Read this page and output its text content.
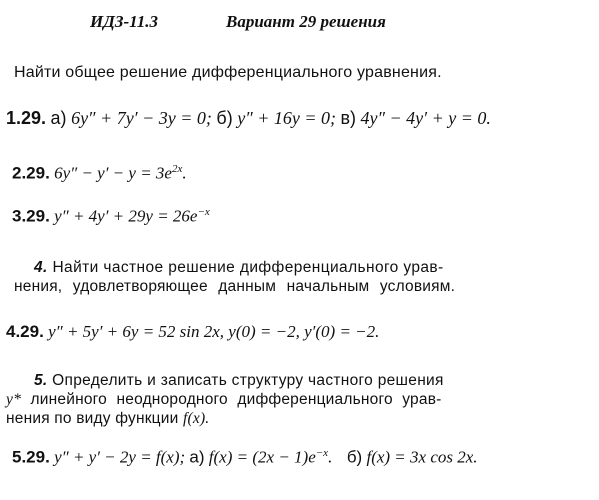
ИДЗ-11.3	Вариант 29 решения
Найти общее решение дифференциального уравнения.
1.29. а) 6y″ + 7y′ − 3y = 0; б) y″ + 16y = 0; в) 4y″ − 4y′ + y = 0.
2.29. $6y'' - y' - y = 3e^{2x}$.
3.29. $y'' + 4y' + 29y = 26e^{-x}$
4. Найти частное решение дифференциального урав-
нения, удовлетворяющее данным начальным условиям.
4.29. y″ + 5y′ + 6y = 52 sin 2x, y(0) = −2, y′(0) = −2.
5. Определить и записать структуру частного решения
y* линейного неоднородного дифференциального урав-
нения по виду функции f(x).
5.29. y″ + y′ − 2y = f(x); а) $f(x) = (2x - 1)e^{-x}$. б) f(x) = 3x cos 2x.
